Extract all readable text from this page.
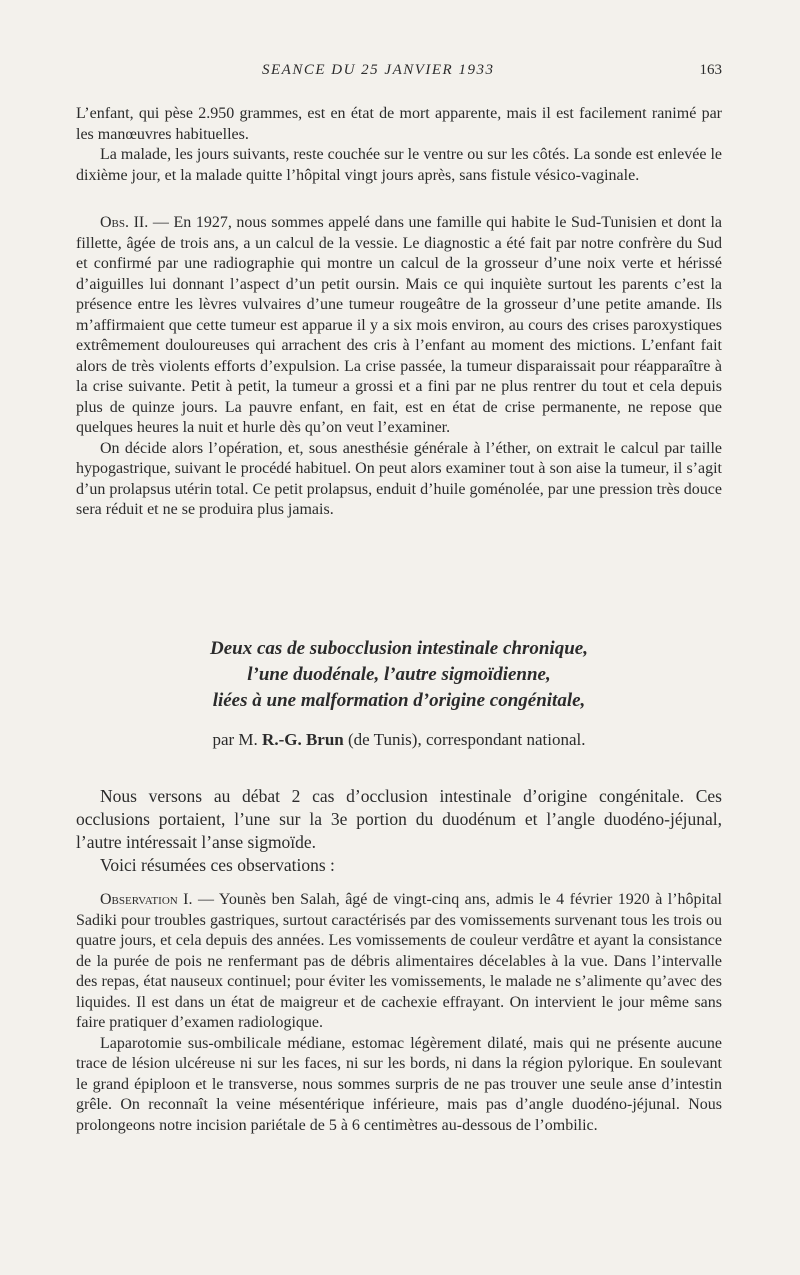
SEANCE DU 25 JANVIER 1933	163

L’enfant, qui pèse 2.950 grammes, est en état de mort apparente, mais il est facilement ranimé par les manœuvres habituelles.

La malade, les jours suivants, reste couchée sur le ventre ou sur les côtés. La sonde est enlevée le dixième jour, et la malade quitte l’hôpital vingt jours après, sans fistule vésico-vaginale.

Obs. II. — En 1927, nous sommes appelé dans une famille qui habite le Sud-Tunisien et dont la fillette, âgée de trois ans, a un calcul de la vessie. Le diagnostic a été fait par notre confrère du Sud et confirmé par une radiographie qui montre un calcul de la grosseur d’une noix verte et hérissé d’aiguilles lui donnant l’aspect d’un petit oursin. Mais ce qui inquiète surtout les parents c’est la présence entre les lèvres vulvaires d’une tumeur rougeâtre de la grosseur d’une petite amande. Ils m’affirmaient que cette tumeur est apparue il y a six mois environ, au cours des crises paroxystiques extrêmement douloureuses qui arrachent des cris à l’enfant au moment des mictions. L’enfant fait alors de très violents efforts d’expulsion. La crise passée, la tumeur disparaissait pour réapparaître à la crise suivante. Petit à petit, la tumeur a grossi et a fini par ne plus rentrer du tout et cela depuis plus de quinze jours. La pauvre enfant, en fait, est en état de crise permanente, ne repose que quelques heures la nuit et hurle dès qu’on veut l’examiner.

On décide alors l’opération, et, sous anesthésie générale à l’éther, on extrait le calcul par taille hypogastrique, suivant le procédé habituel. On peut alors examiner tout à son aise la tumeur, il s’agit d’un prolapsus utérin total. Ce petit prolapsus, enduit d’huile goménolée, par une pression très douce sera réduit et ne se produira plus jamais.

Deux cas de subocclusion intestinale chronique,
l’une duodénale, l’autre sigmoïdienne,
liées à une malformation d’origine congénitale,
par M. R.-G. Brun (de Tunis), correspondant national.

Nous versons au débat 2 cas d’occlusion intestinale d’origine congénitale. Ces occlusions portaient, l’une sur la 3e portion du duodénum et l’angle duodéno-jéjunal, l’autre intéressait l’anse sigmoïde.

Voici résumées ces observations :

Observation I. — Younès ben Salah, âgé de vingt-cinq ans, admis le 4 février 1920 à l’hôpital Sadiki pour troubles gastriques, surtout caractérisés par des vomissements survenant tous les trois ou quatre jours, et cela depuis des années. Les vomissements de couleur verdâtre et ayant la consistance de la purée de pois ne renfermant pas de débris alimentaires décelables à la vue. Dans l’intervalle des repas, état nauseux continuel; pour éviter les vomissements, le malade ne s’alimente qu’avec des liquides. Il est dans un état de maigreur et de cachexie effrayant. On intervient le jour même sans faire pratiquer d’examen radiologique.

Laparotomie sus-ombilicale médiane, estomac légèrement dilaté, mais qui ne présente aucune trace de lésion ulcéreuse ni sur les faces, ni sur les bords, ni dans la région pylorique. En soulevant le grand épiploon et le transverse, nous sommes surpris de ne pas trouver une seule anse d’intestin grêle. On reconnaît la veine mésentérique inférieure, mais pas d’angle duodéno-jéjunal. Nous prolongeons notre incision pariétale de 5 à 6 centimètres au-dessous de l’ombilic.
